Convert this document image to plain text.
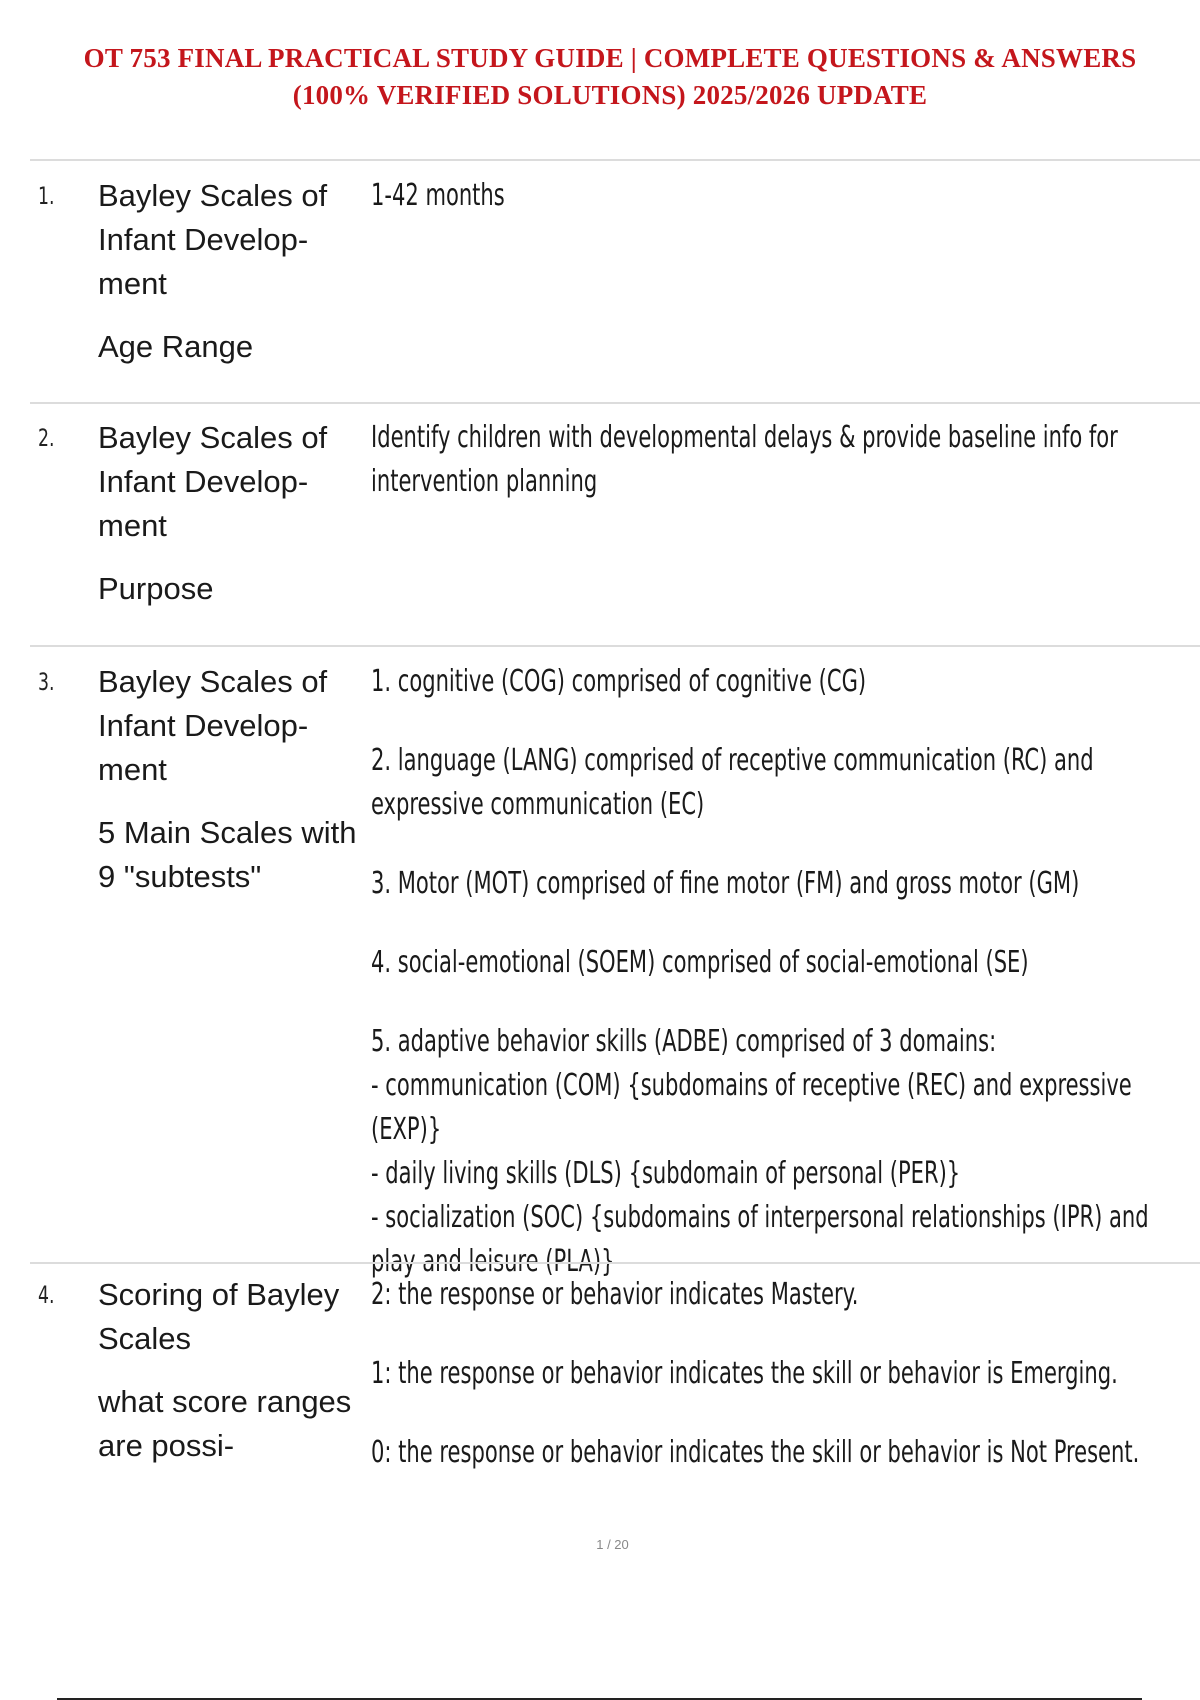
OT 753 FINAL PRACTICAL STUDY GUIDE | COMPLETE QUESTIONS & ANSWERS
(100% VERIFIED SOLUTIONS) 2025/2026 UPDATE
1. Bayley Scales of Infant Develop- ment

Age Range

1-42 months

2. Bayley Scales of Infant Develop- ment

Purpose

Identify children with developmental delays & provide baseline info for intervention planning

3. Bayley Scales of Infant Develop- ment

5 Main Scales with 9 "subtests"

1. cognitive (COG) comprised of cognitive (CG)

2. language (LANG) comprised of receptive communication (RC) and expressive communication (EC)

3. Motor (MOT) comprised of fine motor (FM) and gross motor (GM)

4. social-emotional (SOEM) comprised of social-emotional (SE)

5. adaptive behavior skills (ADBE) comprised of 3 domains:

- communication (COM) {subdomains of receptive (REC) and expressive (EXP)}

- daily living skills (DLS) {subdomain of personal (PER)}

- socialization (SOC) {subdomains of interpersonal relationships (IPR) and play and leisure (PLA)}

4. Scoring of Bayley Scales

what score ranges are possi-

2: the response or behavior indicates Mastery.

1: the response or behavior indicates the skill or behavior is Emerging.

0: the response or behavior indicates the skill or behavior is Not Present.

1 / 20
